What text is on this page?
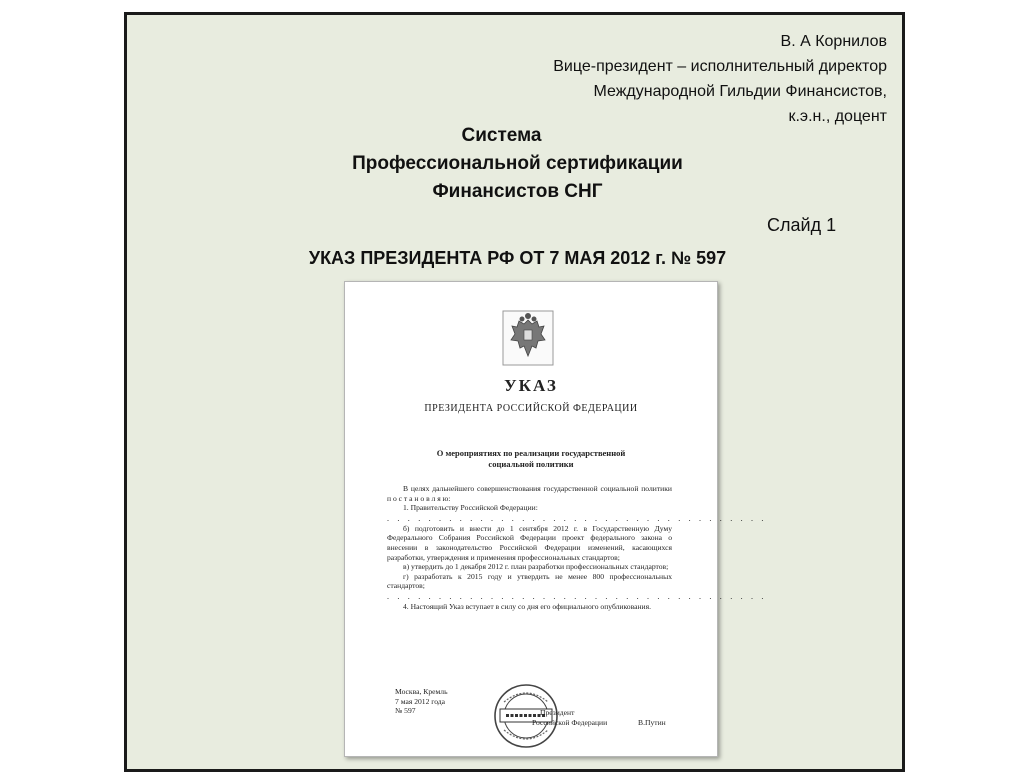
В. А Корнилов
Вице-президент – исполнительный директор
Международной Гильдии Финансистов,
к.э.н., доцент
Система
Профессиональной сертификации
Финансистов СНГ
Слайд 1
УКАЗ ПРЕЗИДЕНТА РФ ОТ 7 МАЯ 2012 г. № 597
УКАЗ
ПРЕЗИДЕНТА РОССИЙСКОЙ ФЕДЕРАЦИИ
О мероприятиях по реализации государственной
социальной политики

В целях дальнейшего совершенствования государственной социальной политики п о с т а н о в л я ю:

1. Правительству Российской Федерации:

. . . . . . . . . . . . . . . . . . . . . . . . . . . . . . . . . . . . .

б) подготовить и внести до 1 сентября 2012 г. в Государственную Думу Федерального Собрания Российской Федерации проект федерального закона о внесении в законодательство Российской Федерации изменений, касающихся разработки, утверждения и применения профессиональных стандартов;

в) утвердить до 1 декабря 2012 г. план разработки профессиональных стандартов;

г) разработать к 2015 году и утвердить не менее 800 профессиональных стандартов;

. . . . . . . . . . . . . . . . . . . . . . . . . . . . . . . . . . . . .

4. Настоящий Указ вступает в силу со дня его официального опубликования.

Москва, Кремль
7 мая 2012 года
№ 597	Президент
Российской Федерации	В.Путин
